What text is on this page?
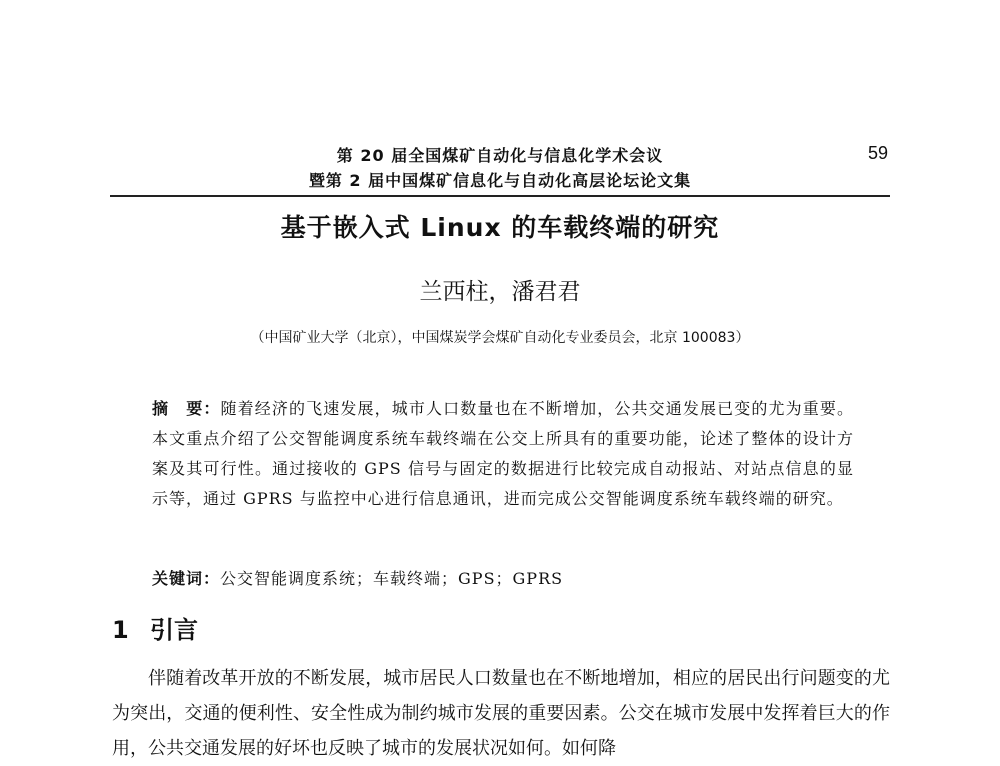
第 20 届全国煤矿自动化与信息化学术会议
暨第 2 届中国煤矿信息化与自动化高层论坛论文集
59
基于嵌入式 Linux 的车载终端的研究
兰西柱，潘君君
（中国矿业大学（北京），中国煤炭学会煤矿自动化专业委员会，北京 100083）
摘　要：随着经济的飞速发展，城市人口数量也在不断增加，公共交通发展已变的尤为重要。本文重点介绍了公交智能调度系统车载终端在公交上所具有的重要功能，论述了整体的设计方案及其可行性。通过接收的 GPS 信号与固定的数据进行比较完成自动报站、对站点信息的显示等，通过 GPRS 与监控中心进行信息通讯，进而完成公交智能调度系统车载终端的研究。
关键词：公交智能调度系统；车载终端；GPS；GPRS
1 引言
伴随着改革开放的不断发展，城市居民人口数量也在不断地增加，相应的居民出行问题变的尤为突出，交通的便利性、安全性成为制约城市发展的重要因素。公交在城市发展中发挥着巨大的作用，公共交通发展的好坏也反映了城市的发展状况如何。如何降
